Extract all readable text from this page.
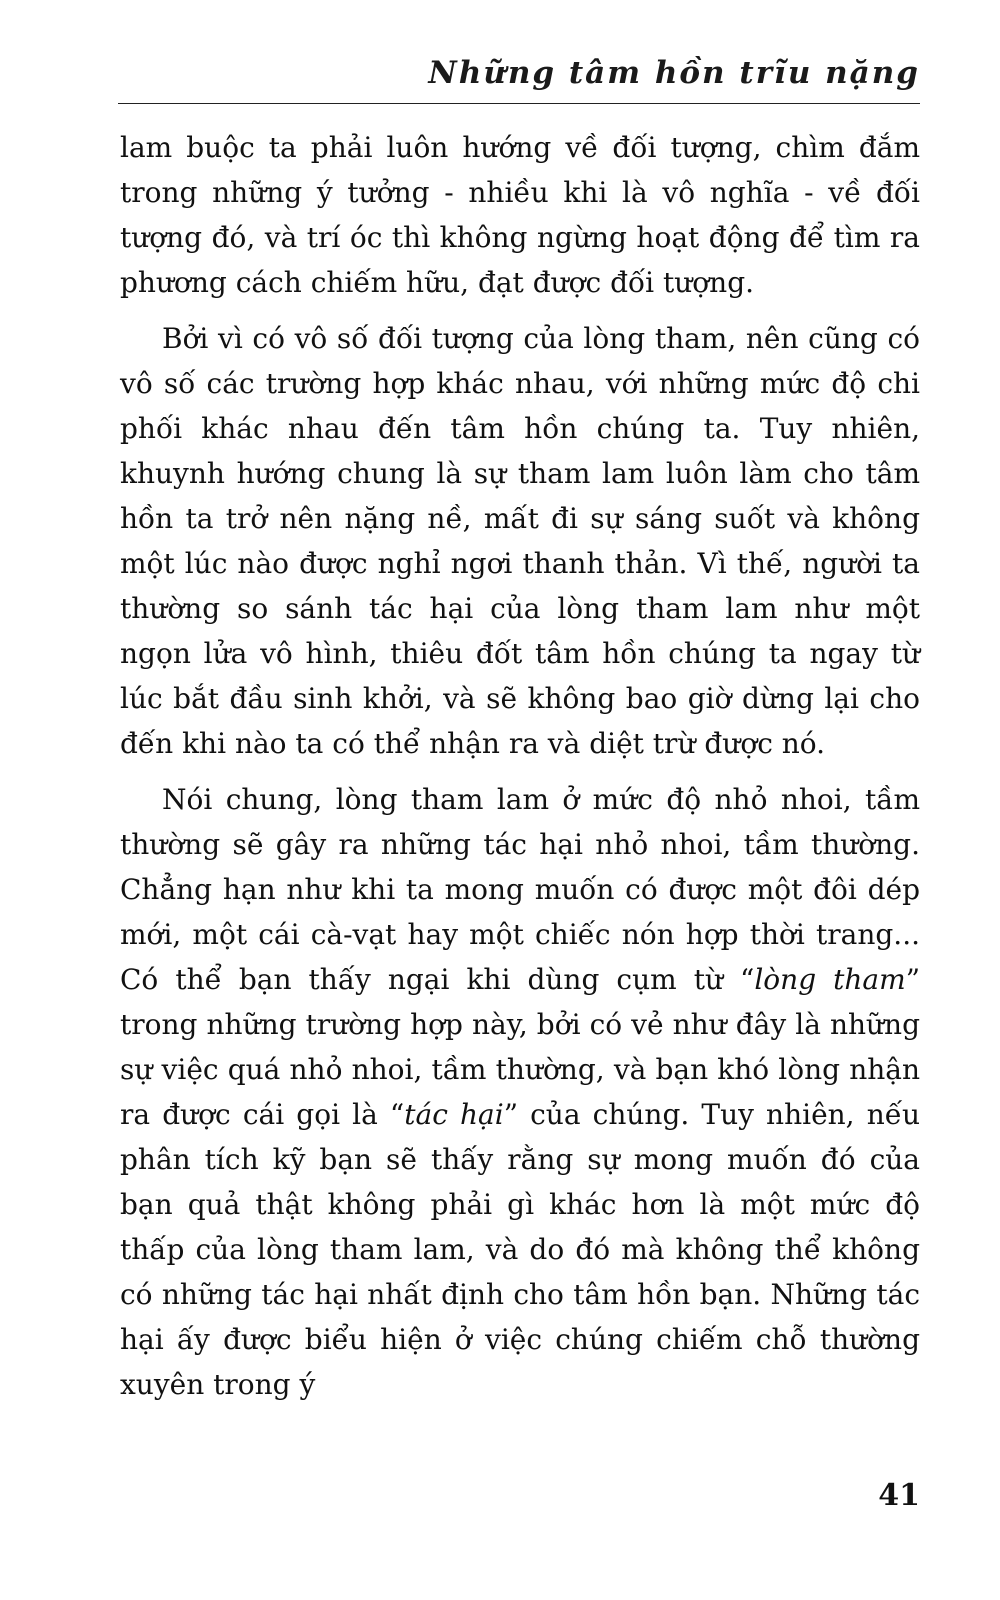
Những tâm hồn trĩu nặng

lam buộc ta phải luôn hướng về đối tượng, chìm đắm trong những ý tưởng - nhiều khi là vô nghĩa - về đối tượng đó, và trí óc thì không ngừng hoạt động để tìm ra phương cách chiếm hữu, đạt được đối tượng.

Bởi vì có vô số đối tượng của lòng tham, nên cũng có vô số các trường hợp khác nhau, với những mức độ chi phối khác nhau đến tâm hồn chúng ta. Tuy nhiên, khuynh hướng chung là sự tham lam luôn làm cho tâm hồn ta trở nên nặng nề, mất đi sự sáng suốt và không một lúc nào được nghỉ ngơi thanh thản. Vì thế, người ta thường so sánh tác hại của lòng tham lam như một ngọn lửa vô hình, thiêu đốt tâm hồn chúng ta ngay từ lúc bắt đầu sinh khởi, và sẽ không bao giờ dừng lại cho đến khi nào ta có thể nhận ra và diệt trừ được nó.

Nói chung, lòng tham lam ở mức độ nhỏ nhoi, tầm thường sẽ gây ra những tác hại nhỏ nhoi, tầm thường. Chẳng hạn như khi ta mong muốn có được một đôi dép mới, một cái cà-vạt hay một chiếc nón hợp thời trang... Có thể bạn thấy ngại khi dùng cụm từ “lòng tham” trong những trường hợp này, bởi có vẻ như đây là những sự việc quá nhỏ nhoi, tầm thường, và bạn khó lòng nhận ra được cái gọi là “tác hại” của chúng. Tuy nhiên, nếu phân tích kỹ bạn sẽ thấy rằng sự mong muốn đó của bạn quả thật không phải gì khác hơn là một mức độ thấp của lòng tham lam, và do đó mà không thể không có những tác hại nhất định cho tâm hồn bạn. Những tác hại ấy được biểu hiện ở việc chúng chiếm chỗ thường xuyên trong ý

41
